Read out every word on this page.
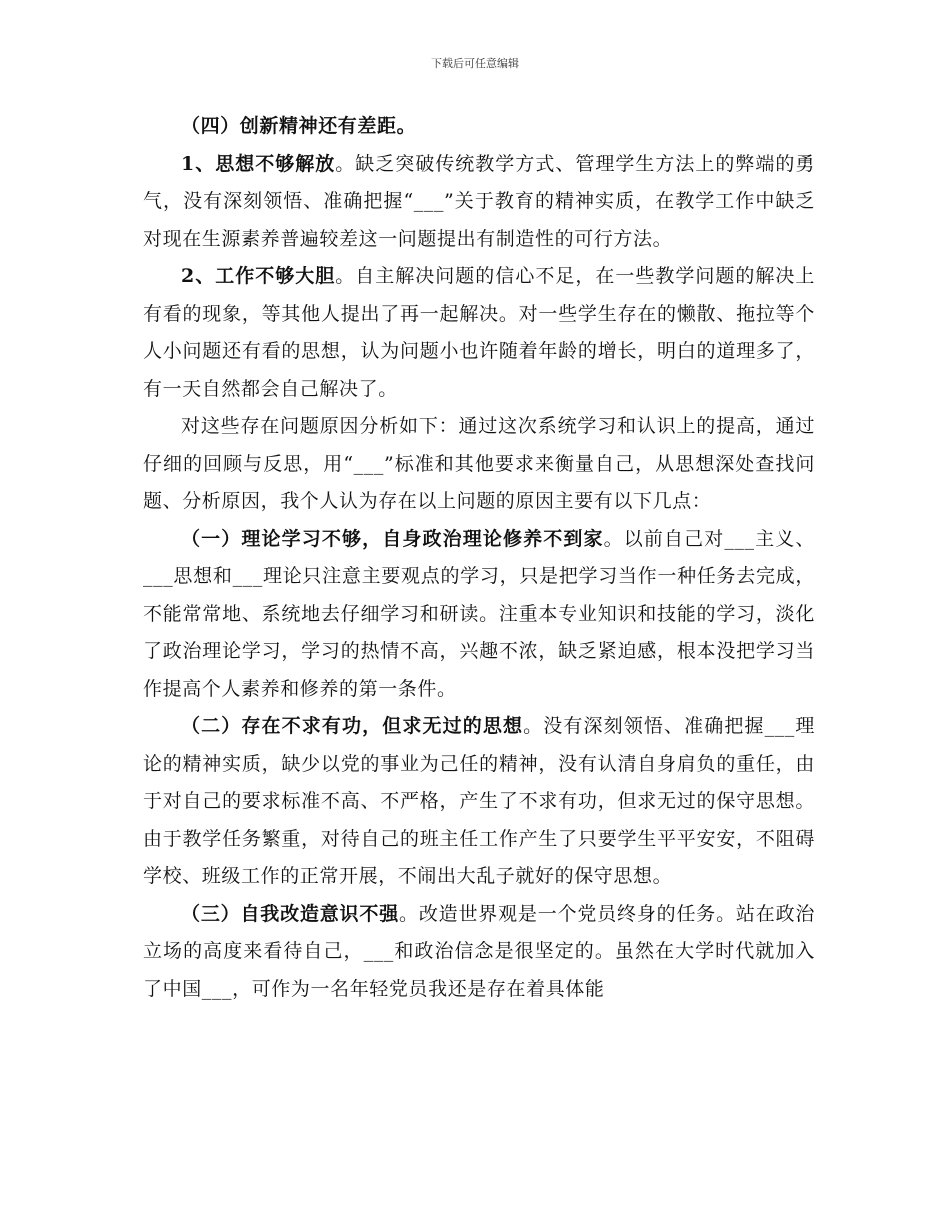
下载后可任意编辑

（四）创新精神还有差距。

1、思想不够解放。缺乏突破传统教学方式、管理学生方法上的弊端的勇气，没有深刻领悟、准确把握“___”关于教育的精神实质，在教学工作中缺乏对现在生源素养普遍较差这一问题提出有制造性的可行方法。

2、工作不够大胆。自主解决问题的信心不足，在一些教学问题的解决上有看的现象，等其他人提出了再一起解决。对一些学生存在的懒散、拖拉等个人小问题还有看的思想，认为问题小也许随着年龄的增长，明白的道理多了，有一天自然都会自己解决了。

对这些存在问题原因分析如下：通过这次系统学习和认识上的提高，通过仔细的回顾与反思，用“___”标准和其他要求来衡量自己，从思想深处查找问题、分析原因，我个人认为存在以上问题的原因主要有以下几点：

（一）理论学习不够，自身政治理论修养不到家。以前自己对___主义、___思想和___理论只注意主要观点的学习，只是把学习当作一种任务去完成，不能常常地、系统地去仔细学习和研读。注重本专业知识和技能的学习，淡化了政治理论学习，学习的热情不高，兴趣不浓，缺乏紧迫感，根本没把学习当作提高个人素养和修养的第一条件。

（二）存在不求有功，但求无过的思想。没有深刻领悟、准确把握___理论的精神实质，缺少以党的事业为己任的精神，没有认清自身肩负的重任，由于对自己的要求标准不高、不严格，产生了不求有功，但求无过的保守思想。由于教学任务繁重，对待自己的班主任工作产生了只要学生平平安安，不阻碍学校、班级工作的正常开展，不闹出大乱子就好的保守思想。

（三）自我改造意识不强。改造世界观是一个党员终身的任务。站在政治立场的高度来看待自己，___和政治信念是很坚定的。虽然在大学时代就加入了中国___，可作为一名年轻党员我还是存在着具体能
